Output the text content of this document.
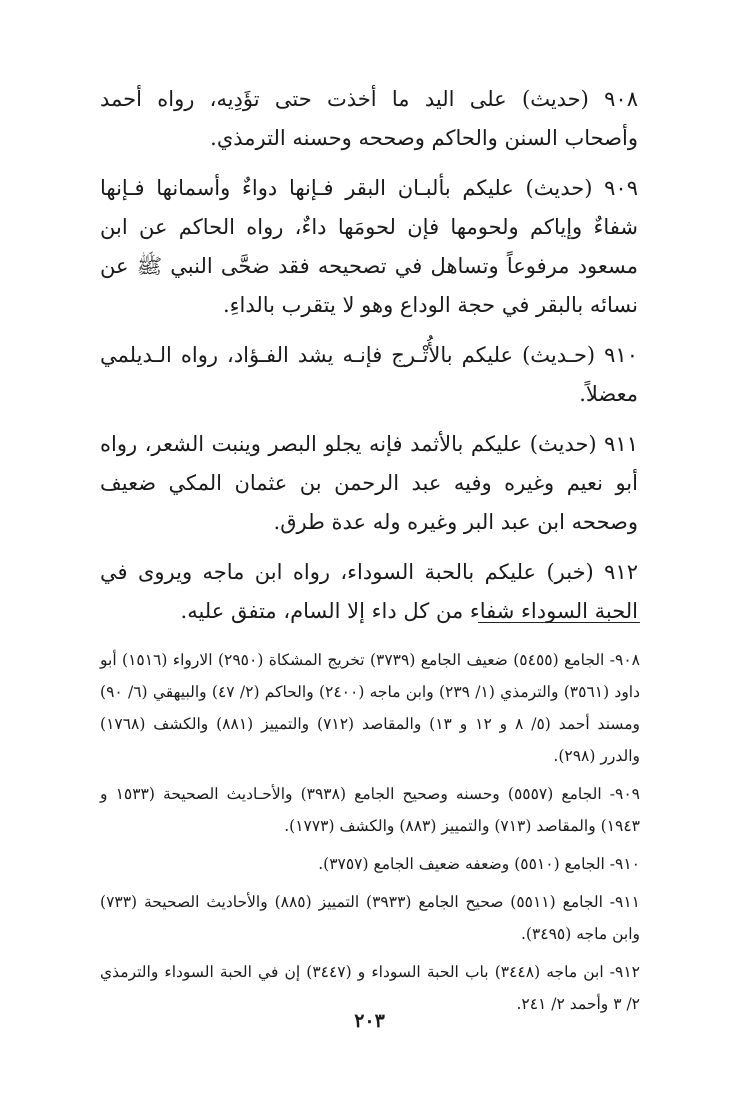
٩٠٨ (حديث) على اليد ما أخذت حتى تؤَدِيه، رواه أحمد وأصحاب السنن والحاكم وصححه وحسنه الترمذي.

٩٠٩ (حديث) عليكم بألبـان البقر فـإنها دواءٌ وأسمانها فـإنها شفاءٌ وإياكم ولحومها فإن لحومَها داءٌ، رواه الحاكم عن ابن مسعود مرفوعاً وتساهل في تصحيحه فقد ضحَّى النبي ﷺ عن نسائه بالبقر في حجة الوداع وهو لا يتقرب بالداءِ.

٩١٠ (حـديث) عليكم بالأُتْـرج فإنـه يشد الفـؤاد، رواه الـديلمي معضلاً.

٩١١ (حديث) عليكم بالأثمد فإنه يجلو البصر وينبت الشعر، رواه أبو نعيم وغيره وفيه عبد الرحمن بن عثمان المكي ضعيف وصححه ابن عبد البر وغيره وله عدة طرق.

٩١٢ (خبر) عليكم بالحبة السوداء، رواه ابن ماجه ويروى في الحبة السوداء شفاء من كل داء إلا السام، متفق عليه.

٩٠٨- الجامع (٥٤٥٥) ضعيف الجامع (٣٧٣٩) تخريج المشكاة (٢٩٥٠) الارواء (١٥١٦) أبو داود (٣٥٦١) والترمذي (١/ ٢٣٩) وابن ماجه (٢٤٠٠) والحاكم (٢/ ٤٧) والبيهقي (٦/ ٩٠) ومسند أحمد (٥/ ٨ و ١٢ و ١٣) والمقاصد (٧١٢) والتمييز (٨٨١) والكشف (١٧٦٨) والدرر (٢٩٨).
٩٠٩- الجامع (٥٥٥٧) وحسنه وصحيح الجامع (٣٩٣٨) والأحـاديث الصحيحة (١٥٣٣ و ١٩٤٣) والمقاصد (٧١٣) والتمييز (٨٨٣) والكشف (١٧٧٣).
٩١٠- الجامع (٥٥١٠) وضعفه ضعيف الجامع (٣٧٥٧).
٩١١- الجامع (٥٥١١) صحيح الجامع (٣٩٣٣) التمييز (٨٨٥) والأحاديث الصحيحة (٧٣٣) وابن ماجه (٣٤٩٥).
٩١٢- ابن ماجه (٣٤٤٨) باب الحبة السوداء و (٣٤٤٧) إن في الحبة السوداء والترمذي ٢/ ٣ وأحمد ٢/ ٢٤١.
٢٠٣
